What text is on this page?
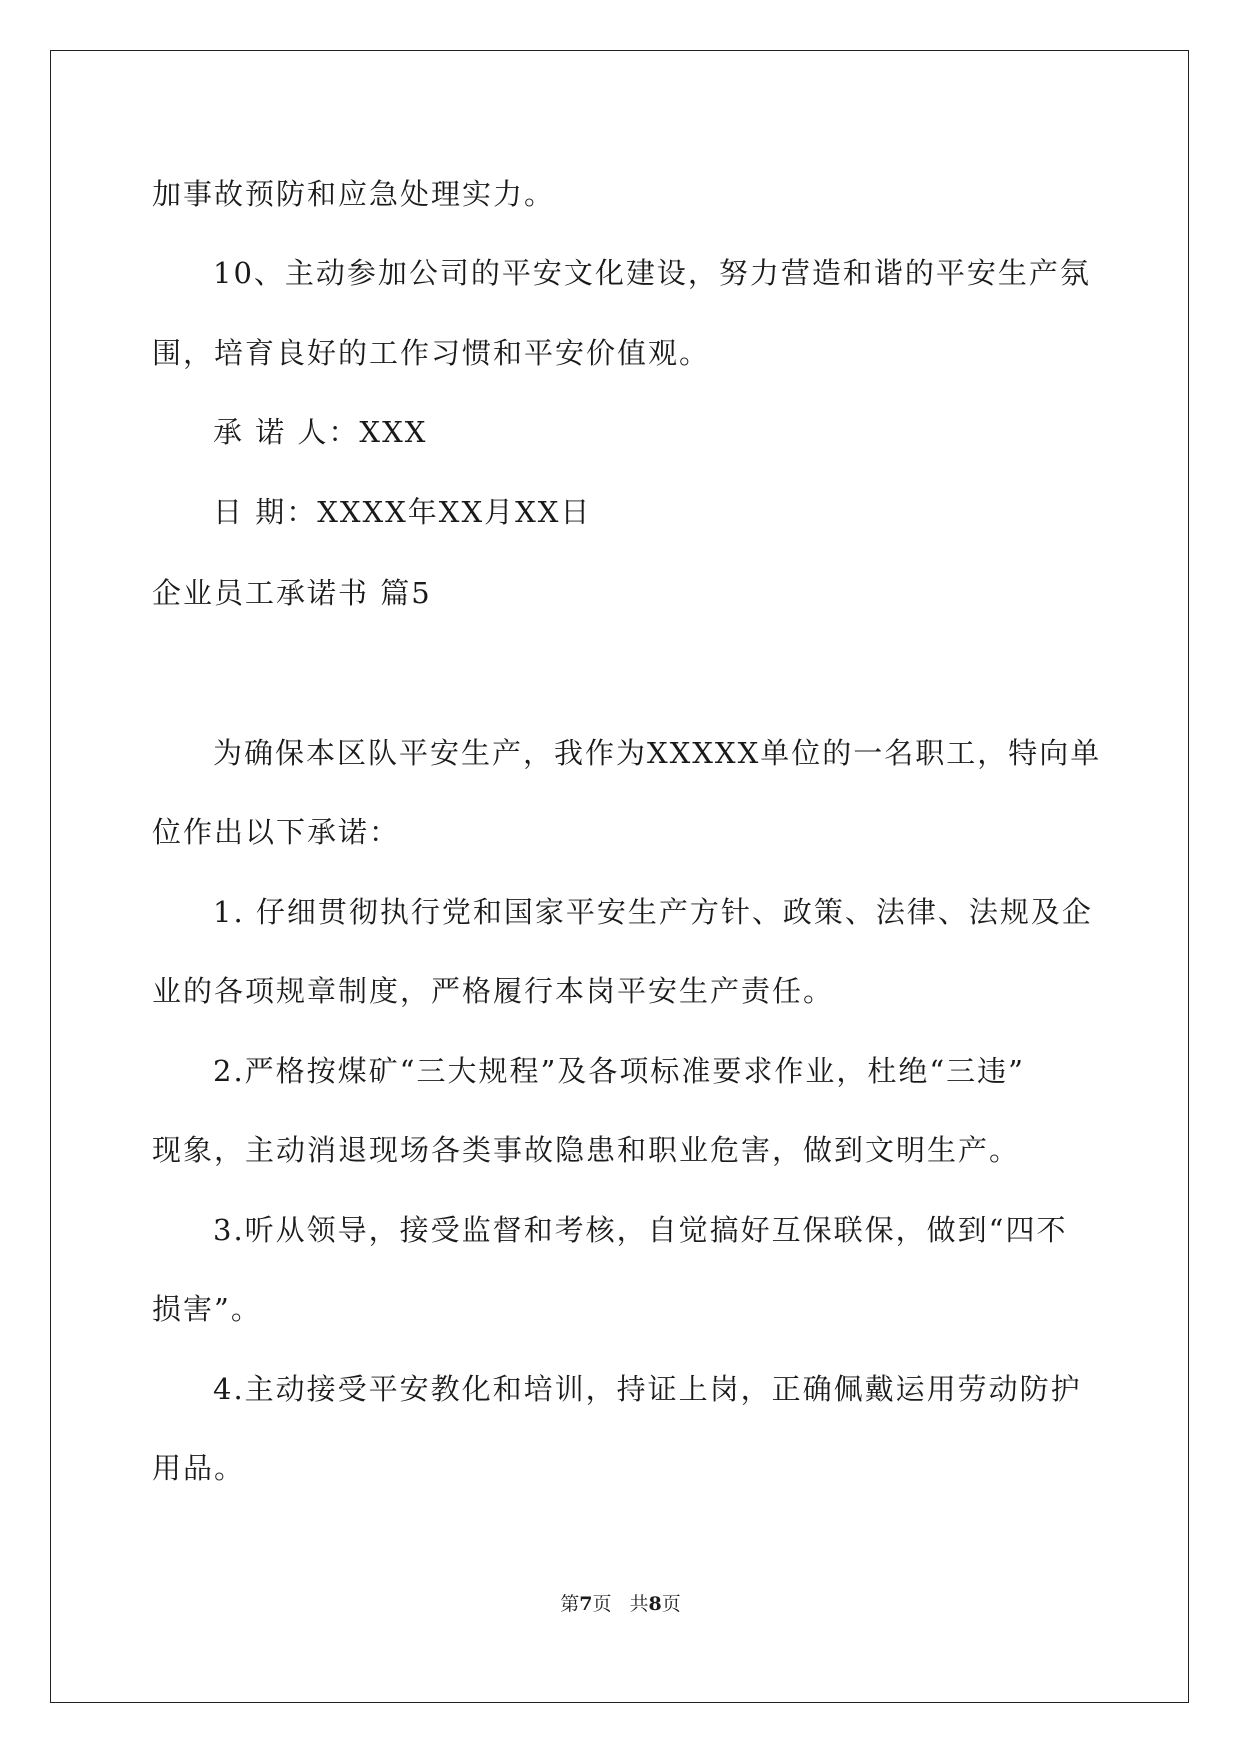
加事故预防和应急处理实力。
10、主动参加公司的平安文化建设，努力营造和谐的平安生产氛
围，培育良好的工作习惯和平安价值观。
承 诺 人：XXX
日 期：XXXX年XX月XX日
企业员工承诺书 篇5
为确保本区队平安生产，我作为XXXXX单位的一名职工，特向单
位作出以下承诺：
1. 仔细贯彻执行党和国家平安生产方针、政策、法律、法规及企
业的各项规章制度，严格履行本岗平安生产责任。
2.严格按煤矿“三大规程”及各项标准要求作业，杜绝“三违”
现象，主动消退现场各类事故隐患和职业危害，做到文明生产。
3.听从领导，接受监督和考核，自觉搞好互保联保，做到“四不
损害”。
4.主动接受平安教化和培训，持证上岗，正确佩戴运用劳动防护
用品。
第7页 共8页
